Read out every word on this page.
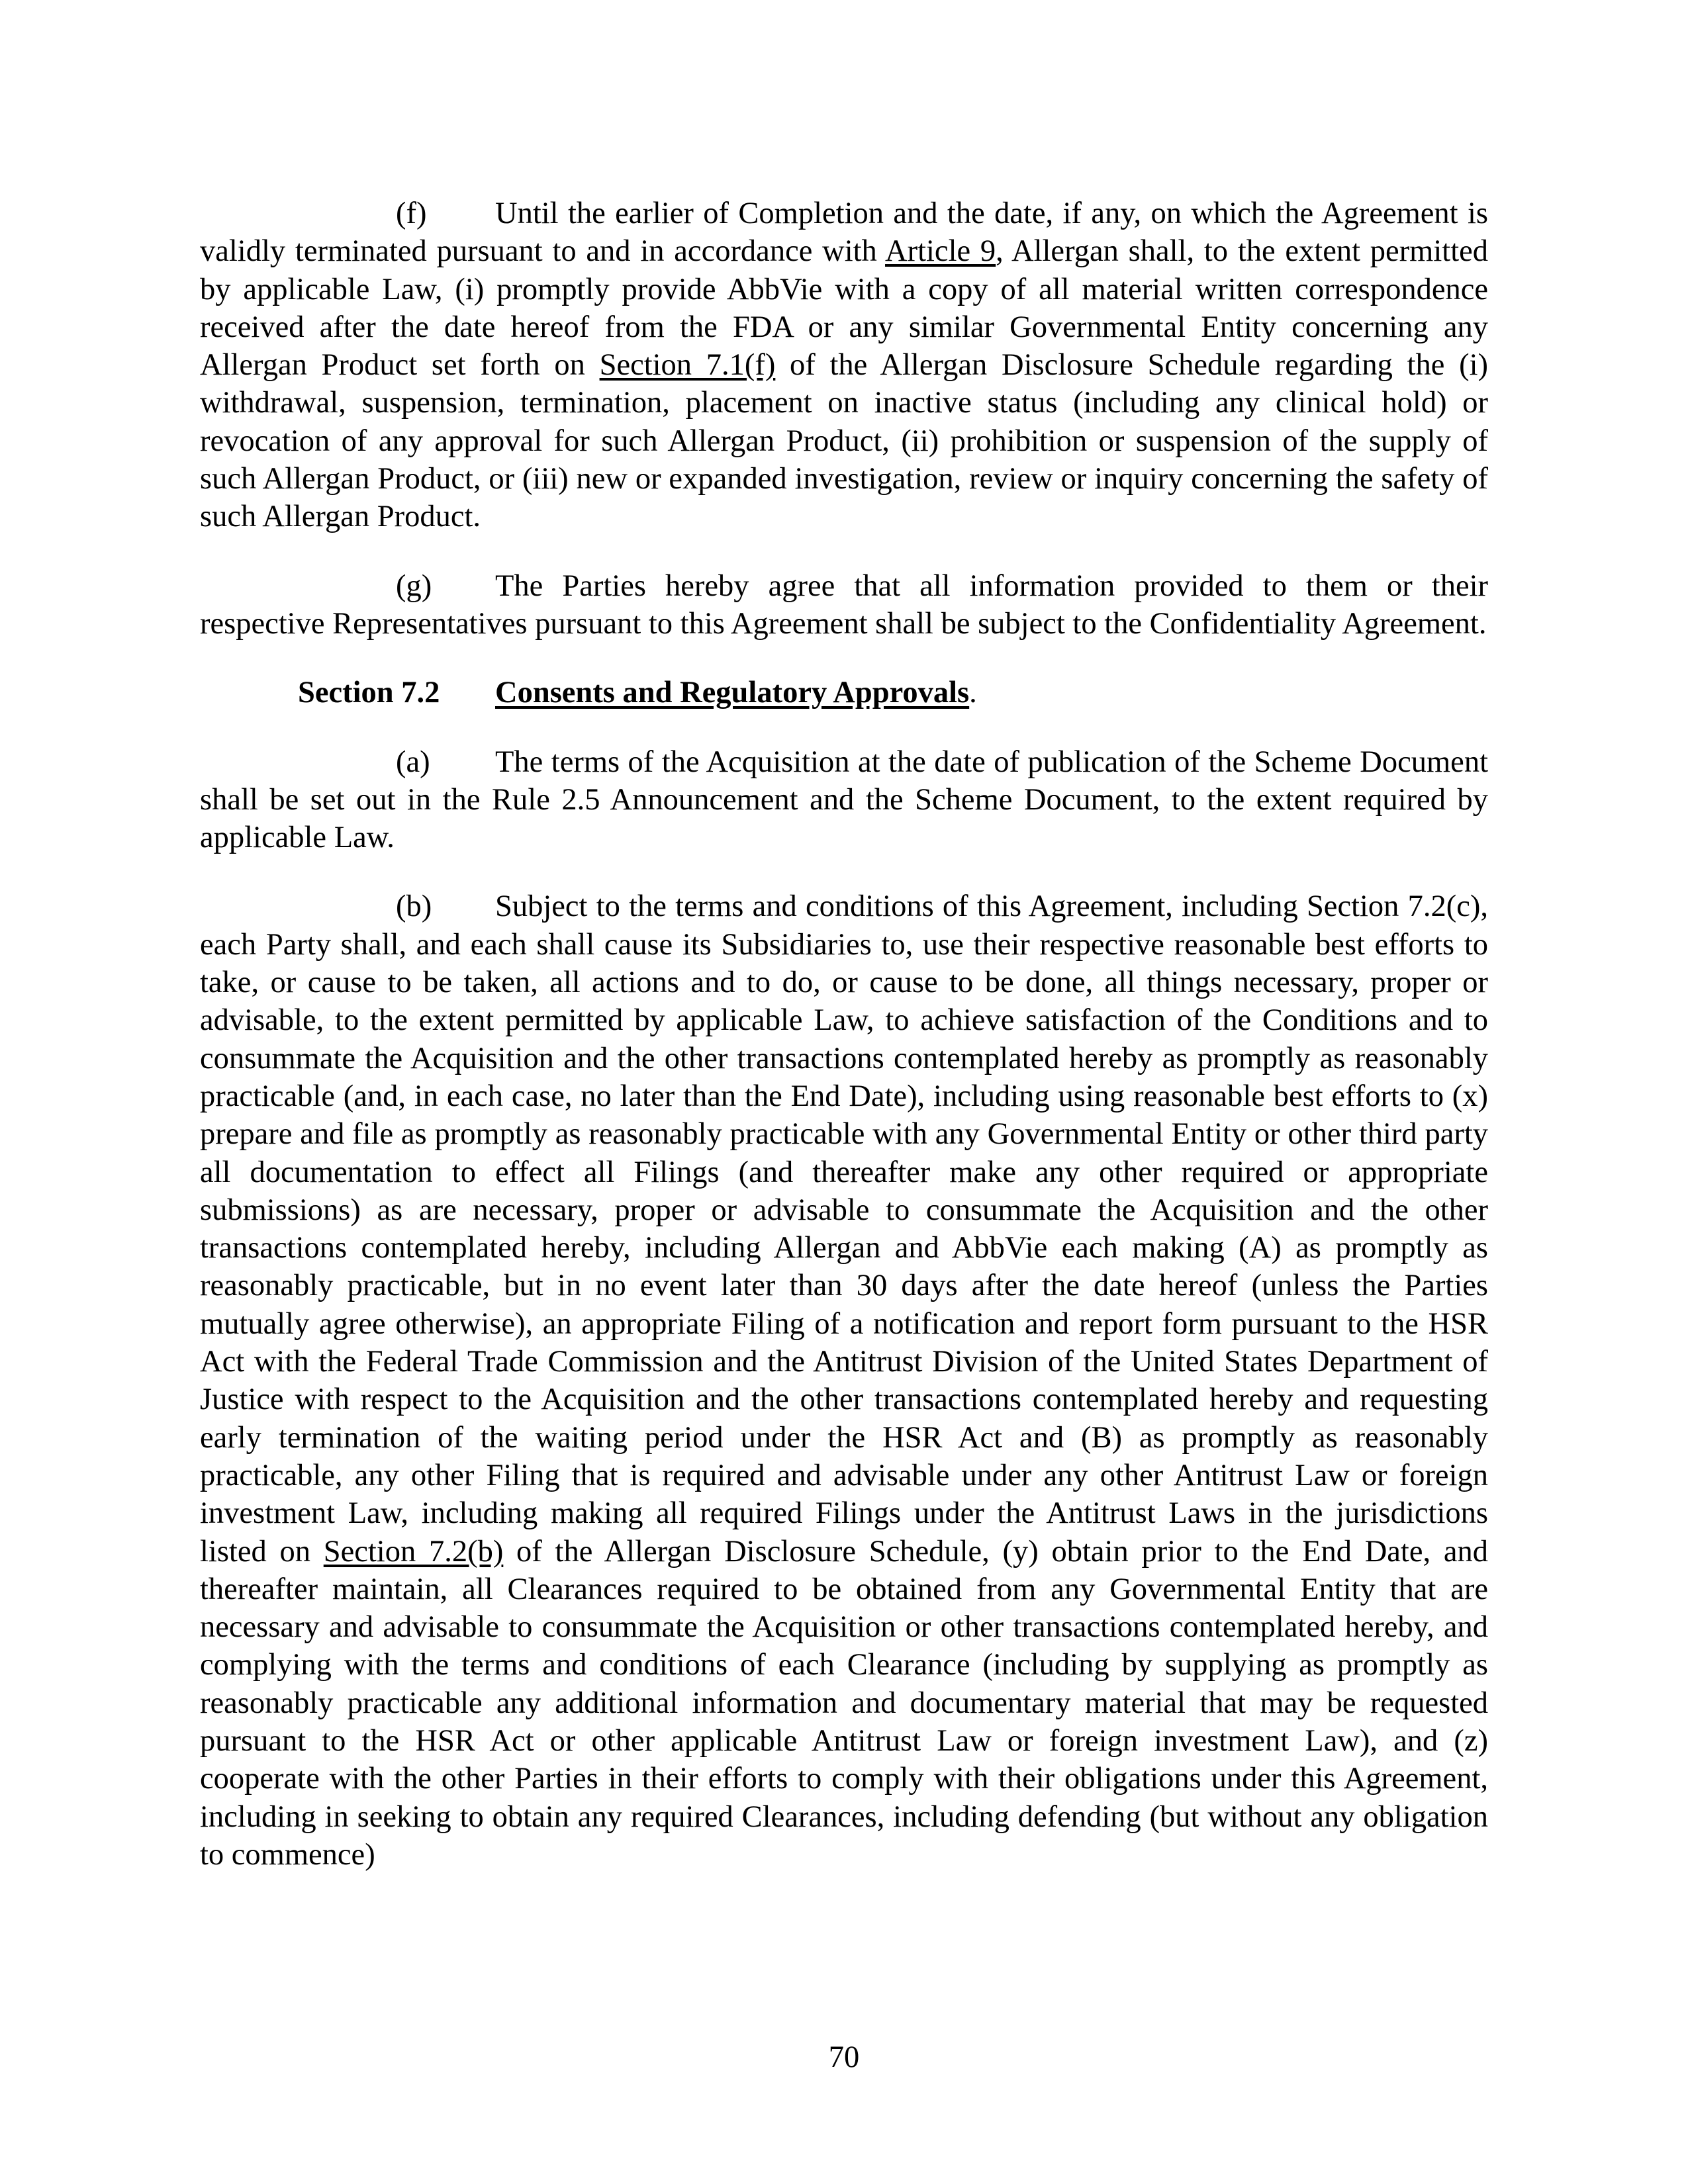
(f) Until the earlier of Completion and the date, if any, on which the Agreement is validly terminated pursuant to and in accordance with Article 9, Allergan shall, to the extent permitted by applicable Law, (i) promptly provide AbbVie with a copy of all material written correspondence received after the date hereof from the FDA or any similar Governmental Entity concerning any Allergan Product set forth on Section 7.1(f) of the Allergan Disclosure Schedule regarding the (i) withdrawal, suspension, termination, placement on inactive status (including any clinical hold) or revocation of any approval for such Allergan Product, (ii) prohibition or suspension of the supply of such Allergan Product, or (iii) new or expanded investigation, review or inquiry concerning the safety of such Allergan Product.

(g) The Parties hereby agree that all information provided to them or their respective Representatives pursuant to this Agreement shall be subject to the Confidentiality Agreement.

Section 7.2 Consents and Regulatory Approvals.

(a) The terms of the Acquisition at the date of publication of the Scheme Document shall be set out in the Rule 2.5 Announcement and the Scheme Document, to the extent required by applicable Law.

(b) Subject to the terms and conditions of this Agreement, including Section 7.2(c), each Party shall, and each shall cause its Subsidiaries to, use their respective reasonable best efforts to take, or cause to be taken, all actions and to do, or cause to be done, all things necessary, proper or advisable, to the extent permitted by applicable Law, to achieve satisfaction of the Conditions and to consummate the Acquisition and the other transactions contemplated hereby as promptly as reasonably practicable (and, in each case, no later than the End Date), including using reasonable best efforts to (x) prepare and file as promptly as reasonably practicable with any Governmental Entity or other third party all documentation to effect all Filings (and thereafter make any other required or appropriate submissions) as are necessary, proper or advisable to consummate the Acquisition and the other transactions contemplated hereby, including Allergan and AbbVie each making (A) as promptly as reasonably practicable, but in no event later than 30 days after the date hereof (unless the Parties mutually agree otherwise), an appropriate Filing of a notification and report form pursuant to the HSR Act with the Federal Trade Commission and the Antitrust Division of the United States Department of Justice with respect to the Acquisition and the other transactions contemplated hereby and requesting early termination of the waiting period under the HSR Act and (B) as promptly as reasonably practicable, any other Filing that is required and advisable under any other Antitrust Law or foreign investment Law, including making all required Filings under the Antitrust Laws in the jurisdictions listed on Section 7.2(b) of the Allergan Disclosure Schedule, (y) obtain prior to the End Date, and thereafter maintain, all Clearances required to be obtained from any Governmental Entity that are necessary and advisable to consummate the Acquisition or other transactions contemplated hereby, and complying with the terms and conditions of each Clearance (including by supplying as promptly as reasonably practicable any additional information and documentary material that may be requested pursuant to the HSR Act or other applicable Antitrust Law or foreign investment Law), and (z) cooperate with the other Parties in their efforts to comply with their obligations under this Agreement, including in seeking to obtain any required Clearances, including defending (but without any obligation to commence)

70
